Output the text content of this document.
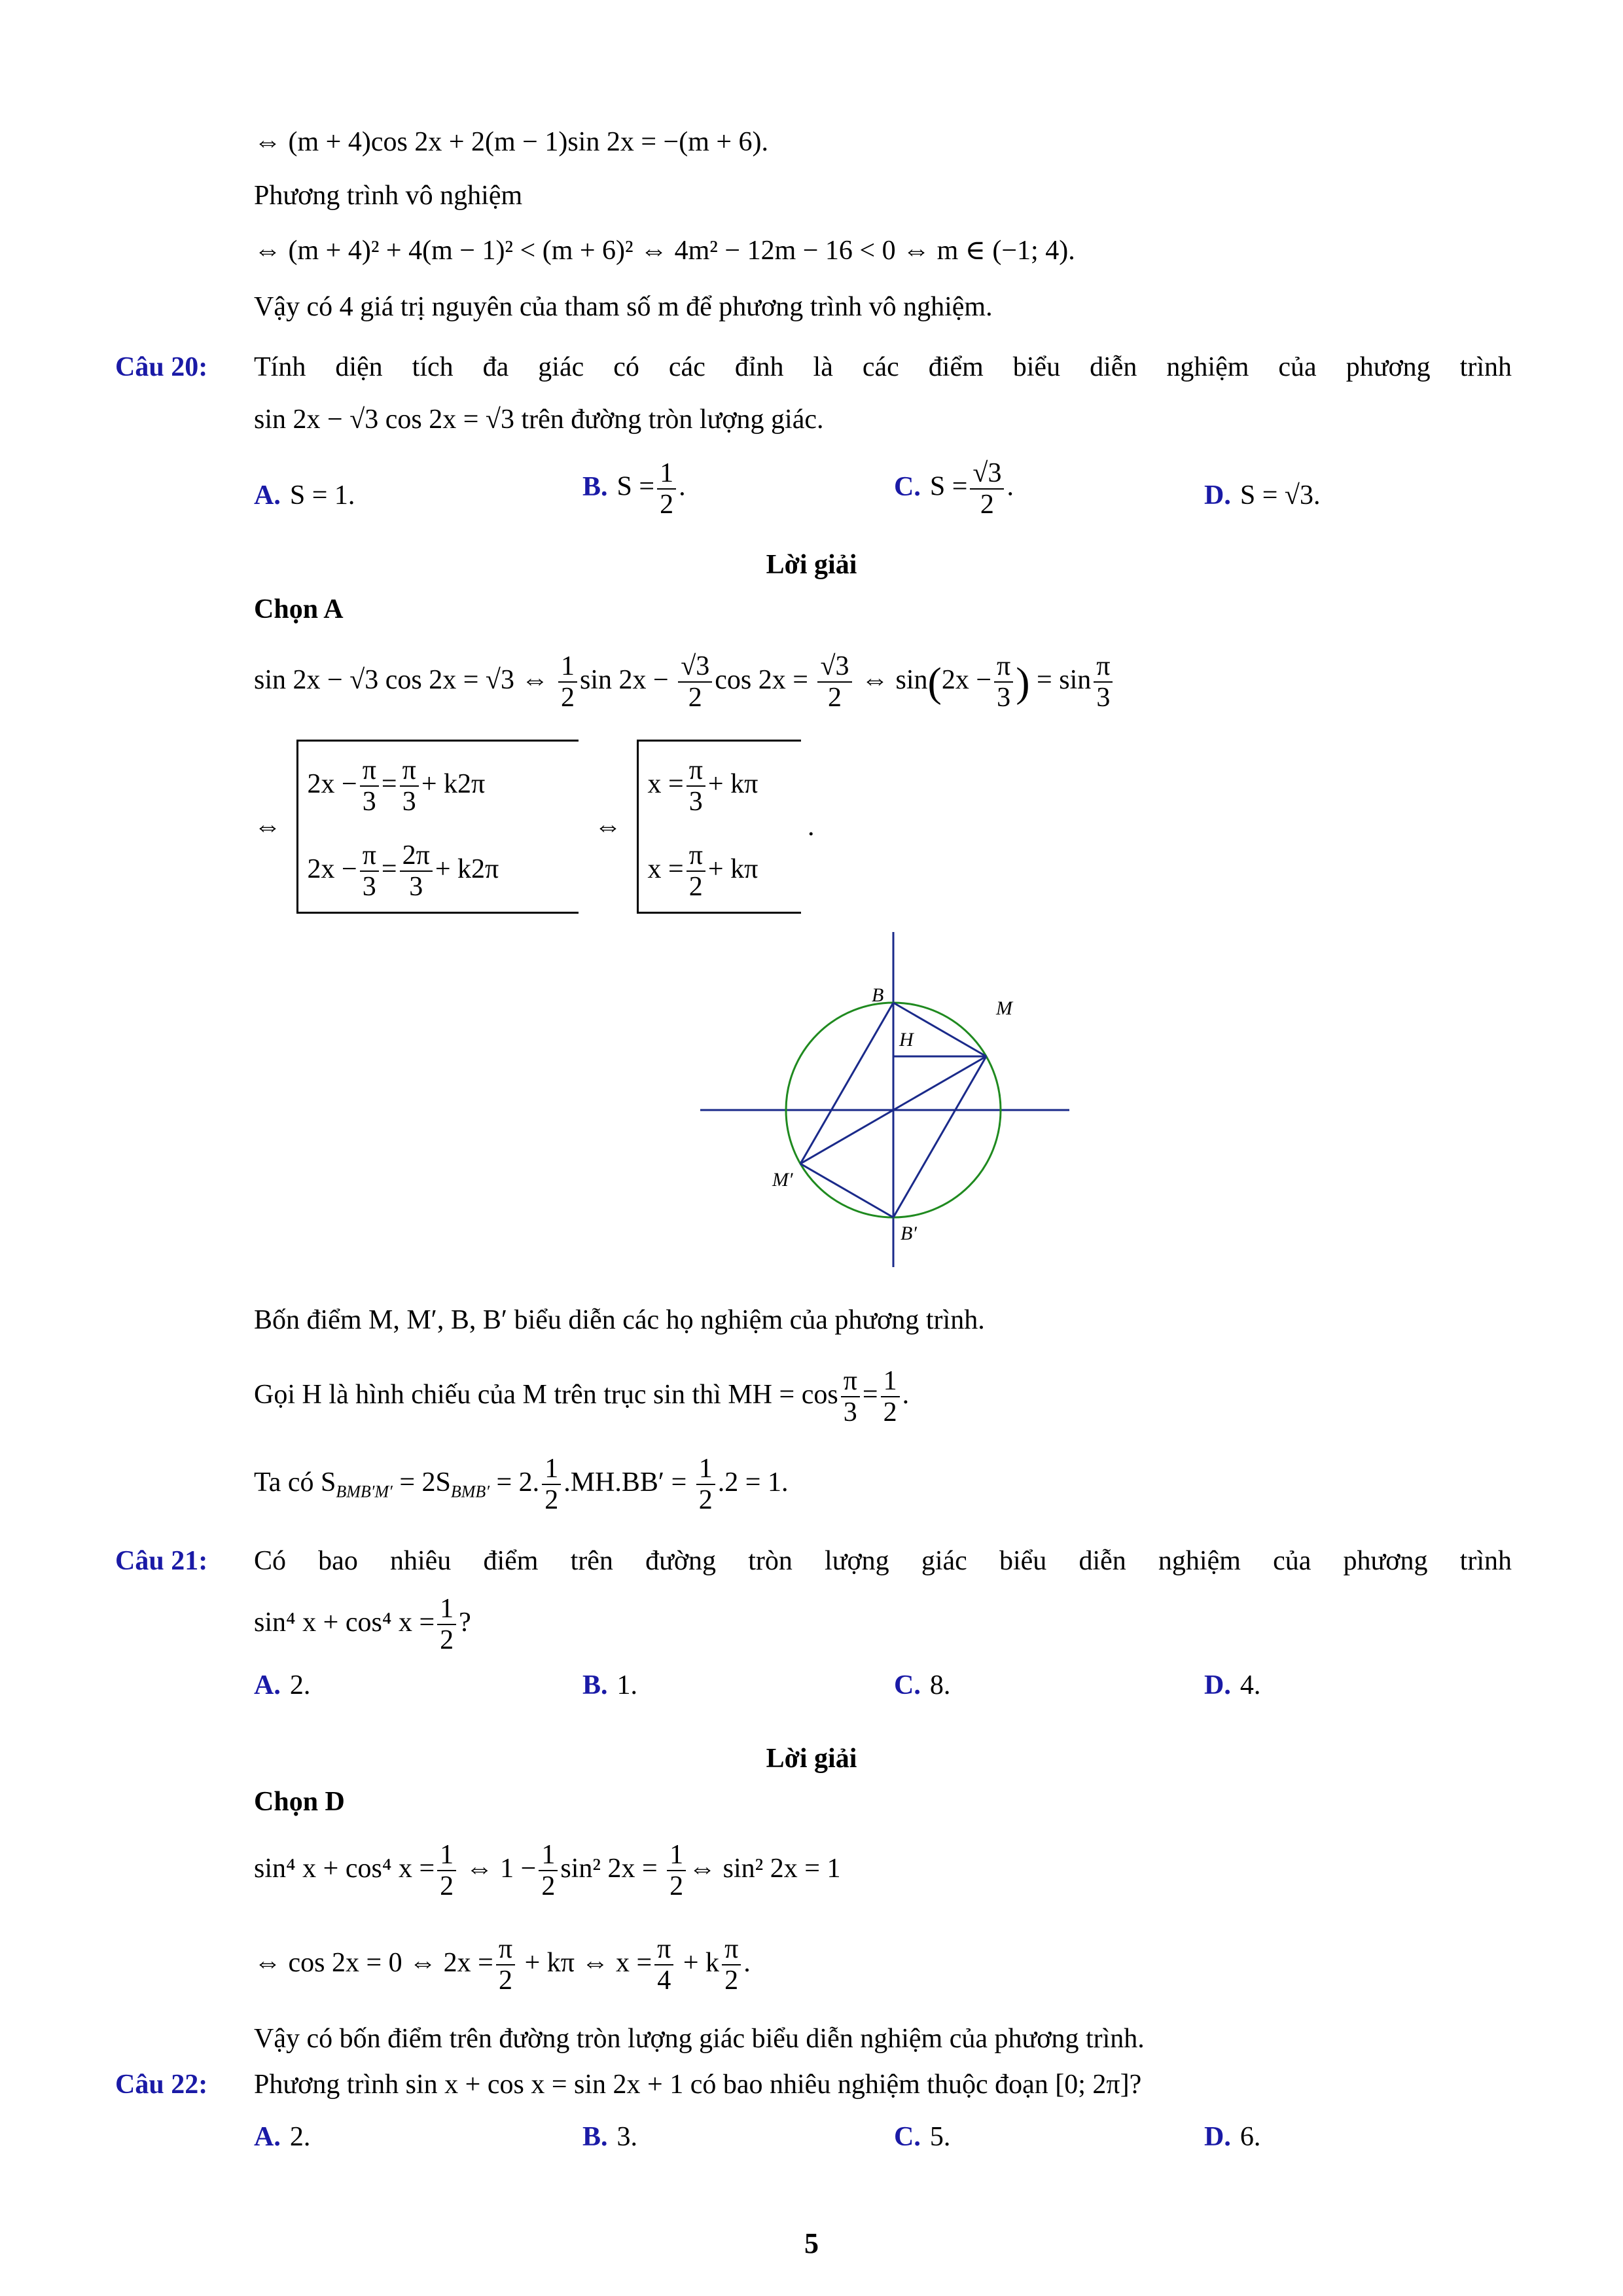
⇔ (m + 4)cos 2x + 2(m − 1)sin 2x = −(m + 6).
Phương trình vô nghiệm
⇔ (m + 4)² + 4(m − 1)² < (m + 6)² ⇔ 4m² − 12m − 16 < 0 ⇔ m ∈ (−1; 4).
Vậy có 4 giá trị nguyên của tham số m để phương trình vô nghiệm.
Câu 20: Tính diện tích đa giác có các đỉnh là các điểm biểu diễn nghiệm của phương trình
sin 2x − √3 cos 2x = √3 trên đường tròn lượng giác.
A. S = 1.	B. $S = \frac{1}{2}$ .	C. $S = \frac{√3}{2}$ .	D. S = √3.
Lời giải
Chọn A
sin 2x − √3 cos 2x = √3 ⇔ $\frac{1}{2}$ $\sin 2x - \frac{√3}{2}$ $\cos 2x = \frac{√3}{2}$ ⇔ $\sin(2x - \frac{\pi}{3}$ ) = $\sin \frac{\pi}{3}$
⇔
$2x - \frac{\pi}{3} = \frac{\pi}{3} + k2\pi$
$2x - \frac{\pi}{3} = \frac{2\pi}{3} + k2\pi$
⇔
$x = \frac{\pi}{3} + k\pi$
$x = \frac{\pi}{2} + k\pi$
.
B
M
H
M′
B′
Bốn điểm M, M′, B, B′ biểu diễn các họ nghiệm của phương trình.
Gọi H là hình chiếu của M trên trục sin thì MH = $\cos \frac{\pi}{3} = \frac{1}{2}$ .
Ta có $S_{BMB'M'} = 2S_{BMB'} = 2$. $\frac{1}{2} .MH.BB' = \frac{1}{2} .2 = 1$.
Câu 21: Có bao nhiêu điểm trên đường tròn lượng giác biểu diễn nghiệm của phương trình
sin⁴ x + cos⁴ $x = \frac{1}{2}$ ?
A. 2.	B. 1.	C. 8.	D. 4.
Lời giải
Chọn D
sin⁴ x + cos⁴ $x = \frac{1}{2}$ ⇔ $1 - \frac{1}{2} \sin^2$ $2x = \frac{1}{2}$ ⇔ sin² 2x = 1
⇔ cos 2x = 0 ⇔ $2x = \frac{\pi}{2} + k\pi$ ⇔ $x = \frac{\pi}{4} + k \frac{\pi}{2}$ .
Vậy có bốn điểm trên đường tròn lượng giác biểu diễn nghiệm của phương trình.
Câu 22: Phương trình sin x + cos x = sin 2x + 1 có bao nhiêu nghiệm thuộc đoạn [0; 2π]?
A. 2.	B. 3.	C. 5.	D. 6.
5
